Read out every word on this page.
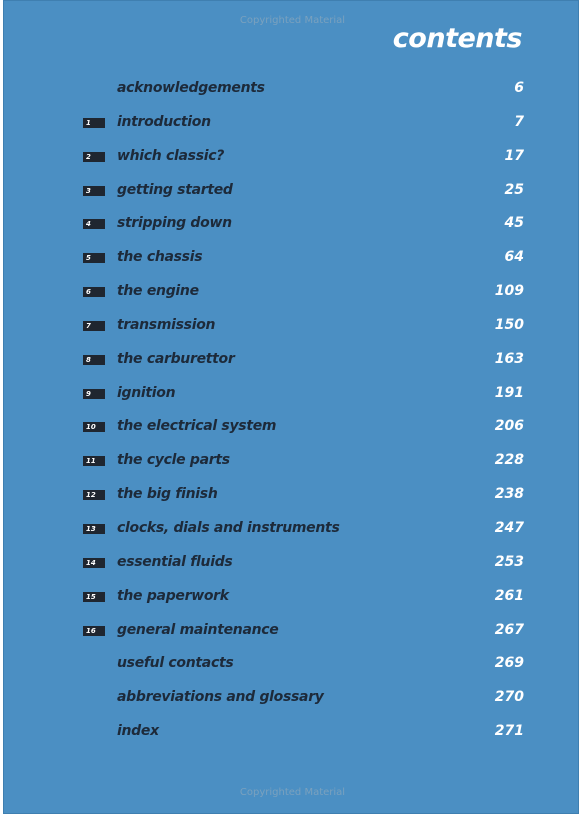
Copyrighted Material
contents
acknowledgements	6
1	introduction	7
2	which classic?	17
3	getting started	25
4	stripping down	45
5	the chassis	64
6	the engine	109
7	transmission	150
8	the carburettor	163
9	ignition	191
10	the electrical system	206
11	the cycle parts	228
12	the big finish	238
13	clocks, dials and instruments	247
14	essential fluids	253
15	the paperwork	261
16	general maintenance	267
useful contacts	269
abbreviations and glossary	270
index	271
Copyrighted Material
